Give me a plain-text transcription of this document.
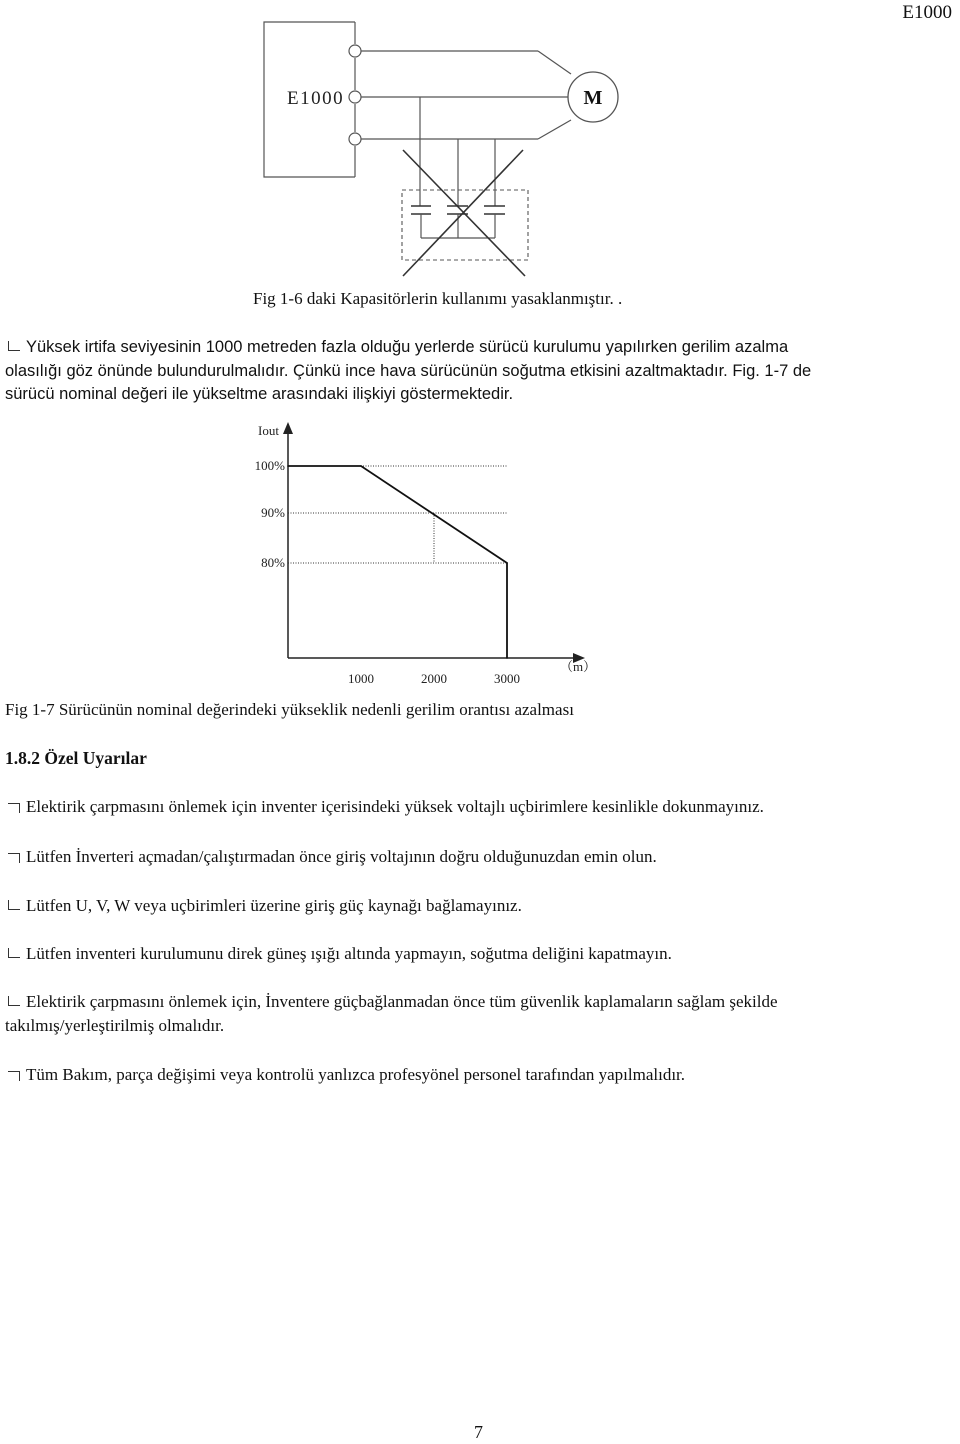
E1000
E1000	M
Fig 1-6 daki Kapasitörlerin kullanımı yasaklanmıştır. .
Yüksek irtifa seviyesinin 1000 metreden fazla olduğu yerlerde sürücü kurulumu yapılırken gerilim azalma
olasılığı göz önünde bulundurulmalıdır. Çünkü ince hava sürücünün soğutma etkisini azaltmaktadır. Fig. 1-7 de
sürücü nominal değeri ile yükseltme arasındaki ilişkiyi göstermektedir.
100%
90%
80%
Iout
1000	2000	3000
（m）
Fig 1-7 Sürücünün nominal değerindeki yükseklik nedenli gerilim orantısı azalması
1.8.2 Özel Uyarılar
Elektirik çarpmasını önlemek için inventer içerisindeki yüksek voltajlı uçbirimlere kesinlikle dokunmayınız.
Lütfen İnverteri açmadan/çalıştırmadan önce giriş voltajının doğru olduğunuzdan emin olun.
Lütfen U, V, W veya uçbirimleri üzerine giriş güç kaynağı bağlamayınız.
Lütfen inventeri kurulumunu direk güneş ışığı altında yapmayın, soğutma deliğini kapatmayın.
Elektirik çarpmasını önlemek için, İnventere güçbağlanmadan önce tüm güvenlik kaplamaların sağlam şekilde
takılmış/yerleştirilmiş olmalıdır.
Tüm Bakım, parça değişimi veya kontrolü yanlızca profesyönel personel tarafından yapılmalıdır.
7
